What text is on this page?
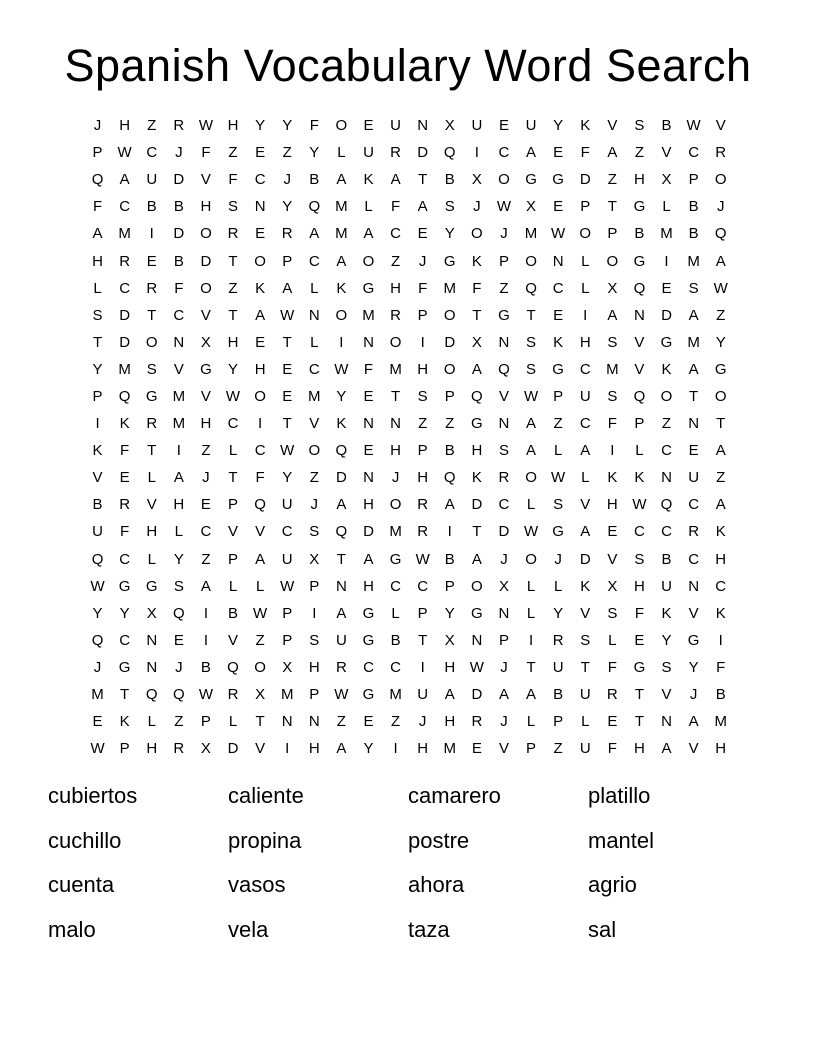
Spanish Vocabulary Word Search
J	H	Z	R W H	Y	Y	F	O	E	U	N	X	U	E	U	Y	K	V	S	B	W	V
P	W C	J	F	Z	E	Z	Y	L	U	R	D	Q	I	C	A	E	F	A	Z	V	C	R
Q	A	U	D	V	F	C	J	B	A	K	A	T	B	X	O	G	G	D	Z	H	X	P	O
F	C	B	B	H	S	N	Y	Q	M	L	F	A	S	J	W	X	E	P	T	G	L	B	J
A	M	I	D	O	R	E	R	A	M	A	C	E	Y	O	J	M W O	P	B	M	B	Q
H	R	E	B	D	T	O	P	C	A	O	Z	J	G	K	P	O	N	L	O	G	I	M	A
L	C	R	F	O	Z	K	A	L	K	G	H	F	M	F	Z	Q	C	L	X	Q	E	S	W
S	D	T	C	V	T	A	W N	O	M	R	P	O	T	G	T	E	I	A	N	D	A	Z
T	D	O	N	X	H	E	T	L	I	N	O	I	D	X	N	S	K	H	S	V	G	M	Y
Y	M	S	V	G	Y	H	E	C W	F	M	H	O	A	Q	S	G	C	M	V	K	A	G
P	Q	G	M	V	W O	E	M	Y	E	T	S	P	Q	V	W	P	U	S	Q	O	T	O
I	K	R	M	H	C	I	T	V	K	N	N	Z	Z	G	N	A	Z	C	F	P	Z	N	T
K	F	T	I	Z	L	C W O	Q	E	H	P	B	H	S	A	L	A	I	L	C	E	A
V	E	L	A	J	T	F	Y	Z	D	N	J	H	Q	K	R	O W	L	K	K	N	U	Z
B	R	V	H	E	P	Q	U	J	A	H	O	R	A	D	C	L	S	V	H W Q	C	A
U	F	H	L	C	V	V	C	S	Q	D	M	R	I	T	D W G	A	E	C	C	R	K
Q	C	L	Y	Z	P	A	U	X	T	A	G W	B	A	J	O	J	D	V	S	B	C	H
W G	G	S	A	L	L	W	P	N	H	C	C	P	O	X	L	L	K	X	H	U	N	C
Y	Y	X	Q	I	B	W	P	I	A	G	L	P	Y	G	N	L	Y	V	S	F	K	V	K
Q	C	N	E	I	V	Z	P	S	U	G	B	T	X	N	P	I	R	S	L	E	Y	G	I
J	G	N	J	B	Q	O	X	H	R	C	C	I	H W	J	T	U	T	F	G	S	Y	F
M	T	Q	Q W R	X	M	P	W G	M	U	A	D	A	A	B	U	R	T	V	J	B
E	K	L	Z	P	L	T	N	N	Z	E	Z	J	H	R	J	L	P	L	E	T	N	A	M
W	P	H	R	X	D	V	I	H	A	Y	I	H	M	E	V	P	Z	U	F	H	A	V	H
cubiertos	caliente	camarero	platillo
cuchillo	propina	postre	mantel
cuenta	vasos	ahora	agrio
malo	vela	taza	sal
